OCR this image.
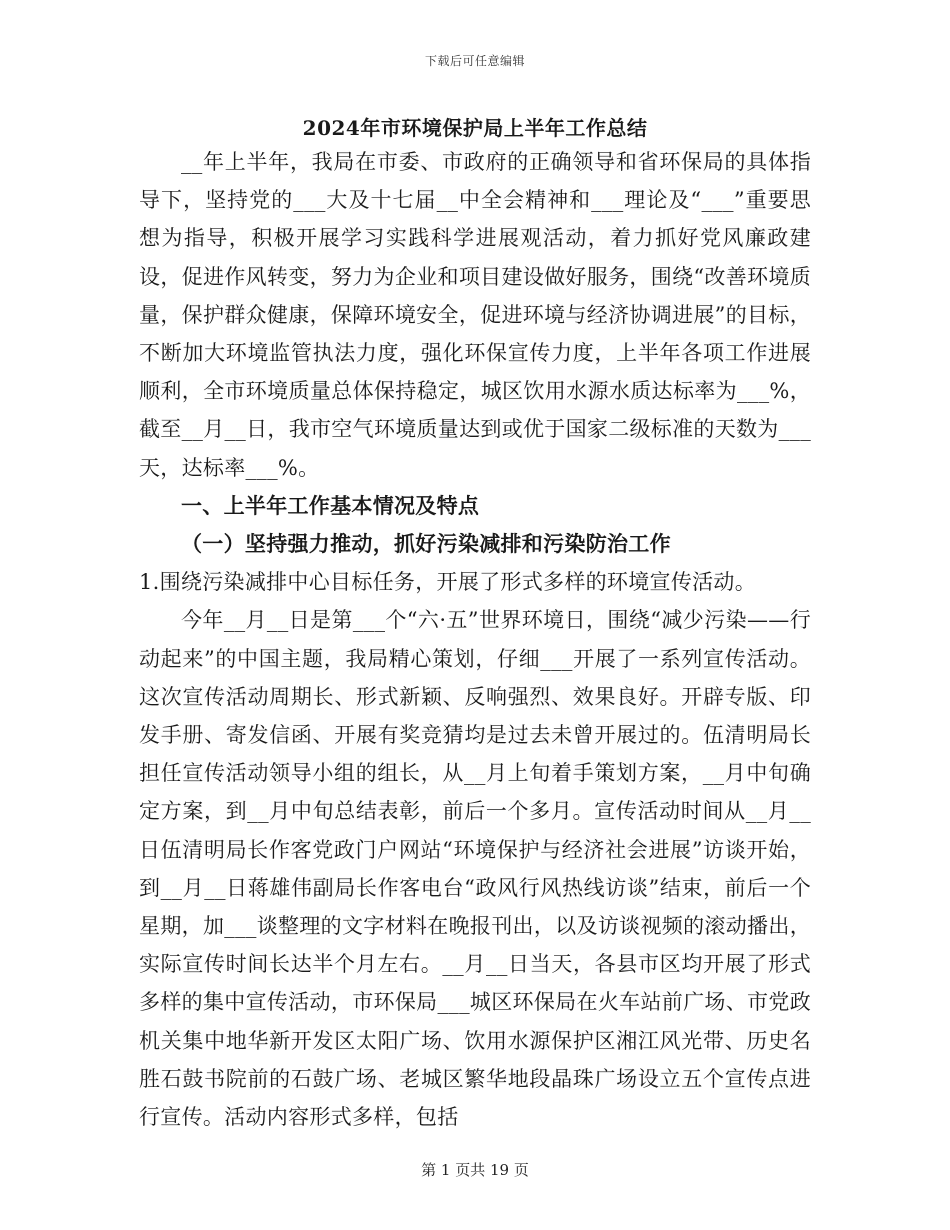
下载后可任意编辑
2024年市环境保护局上半年工作总结

__年上半年，我局在市委、市政府的正确领导和省环保局的具体指导下，坚持党的___大及十七届__中全会精神和___理论及“___”重要思想为指导，积极开展学习实践科学进展观活动，着力抓好党风廉政建设，促进作风转变，努力为企业和项目建设做好服务，围绕“改善环境质量，保护群众健康，保障环境安全，促进环境与经济协调进展”的目标，不断加大环境监管执法力度，强化环保宣传力度，上半年各项工作进展顺利，全市环境质量总体保持稳定，城区饮用水源水质达标率为___%，截至__月__日，我市空气环境质量达到或优于国家二级标准的天数为___天，达标率___%。

一、上半年工作基本情况及特点

（一）坚持强力推动，抓好污染减排和污染防治工作

1.围绕污染减排中心目标任务，开展了形式多样的环境宣传活动。

今年__月__日是第___个“六·五”世界环境日，围绕“减少污染——行动起来”的中国主题，我局精心策划，仔细___开展了一系列宣传活动。这次宣传活动周期长、形式新颖、反响强烈、效果良好。开辟专版、印发手册、寄发信函、开展有奖竞猜均是过去未曾开展过的。伍清明局长担任宣传活动领导小组的组长，从__月上旬着手策划方案，__月中旬确定方案，到__月中旬总结表彰，前后一个多月。宣传活动时间从__月__日伍清明局长作客党政门户网站“环境保护与经济社会进展”访谈开始，到__月__日蒋雄伟副局长作客电台“政风行风热线访谈”结束，前后一个星期，加___谈整理的文字材料在晚报刊出，以及访谈视频的滚动播出，实际宣传时间长达半个月左右。__月__日当天，各县市区均开展了形式多样的集中宣传活动，市环保局___城区环保局在火车站前广场、市党政机关集中地华新开发区太阳广场、饮用水源保护区湘江风光带、历史名胜石鼓书院前的石鼓广场、老城区繁华地段晶珠广场设立五个宣传点进行宣传。活动内容形式多样，包括

第 1 页共 19 页
